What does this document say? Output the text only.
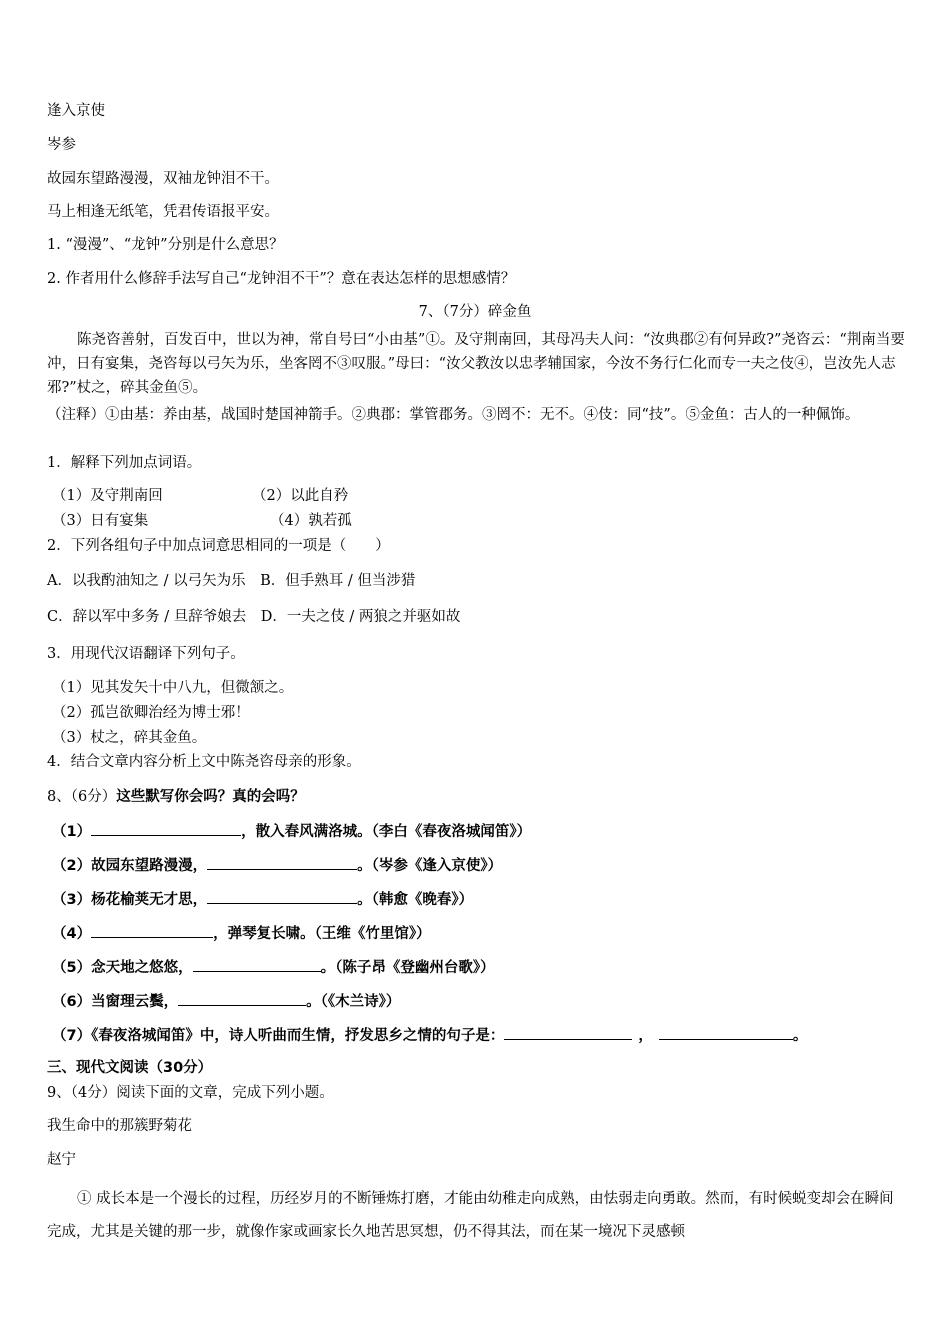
逢入京使
岑参
故园东望路漫漫，双袖龙钟泪不干。
马上相逢无纸笔，凭君传语报平安。
1. “漫漫”、“龙钟”分别是什么意思？
2. 作者用什么修辞手法写自己“龙钟泪不干”？意在表达怎样的思想感情？
7、（7分）碎金鱼
陈尧咨善射，百发百中，世以为神，常自号曰“小由基”①。及守荆南回，其母冯夫人问：“汝典郡②有何异政?”尧咨云：“荆南当要冲，日有宴集，尧咨每以弓矢为乐，坐客罔不③叹服。”母曰：“汝父教汝以忠孝辅国家，今汝不务行仁化而专一夫之伎④，岂汝先人志邪?”杖之，碎其金鱼⑤。
（注释）①由基：养由基，战国时楚国神箭手。②典郡：掌管郡务。③罔不：无不。④伎：同“技”。⑤金鱼：古人的一种佩饰。
1．解释下列加点词语。
（1）及守荆南回	（2）以此自矜
（3）日有宴集	（4）孰若孤
2．下列各组句子中加点词意思相同的一项是（　　）
A．以我酌油知之 / 以弓矢为乐　B．但手熟耳 / 但当涉猎
C．辞以军中多务 / 旦辞爷娘去　D．一夫之伎 / 两狼之并驱如故
3．用现代汉语翻译下列句子。
（1）见其发矢十中八九，但微颔之。
（2）孤岂欲卿治经为博士邪！
（3）杖之，碎其金鱼。
4．结合文章内容分析上文中陈尧咨母亲的形象。
8、（6分）这些默写你会吗？真的会吗？
（1）	，散入春风满洛城。（李白《春夜洛城闻笛》）
（2）故园东望路漫漫，	。（岑参《逢入京使》）
（3）杨花榆荚无才思，	。（韩愈《晚春》）
（4）	，弹琴复长啸。（王维《竹里馆》）
（5）念天地之悠悠，	。（陈子昂《登幽州台歌》）
（6）当窗理云鬓，	。（《木兰诗》）
（7）《春夜洛城闻笛》中，诗人听曲而生情，抒发思乡之情的句子是：	，	。
三、现代文阅读（30分）
9、（4分）阅读下面的文章，完成下列小题。
我生命中的那簇野菊花
赵宁
① 成长本是一个漫长的过程，历经岁月的不断锤炼打磨，才能由幼稚走向成熟，由怯弱走向勇敢。然而，有时候蜕变却会在瞬间完成，尤其是关键的那一步，就像作家或画家长久地苦思冥想，仍不得其法，而在某一境况下灵感顿
